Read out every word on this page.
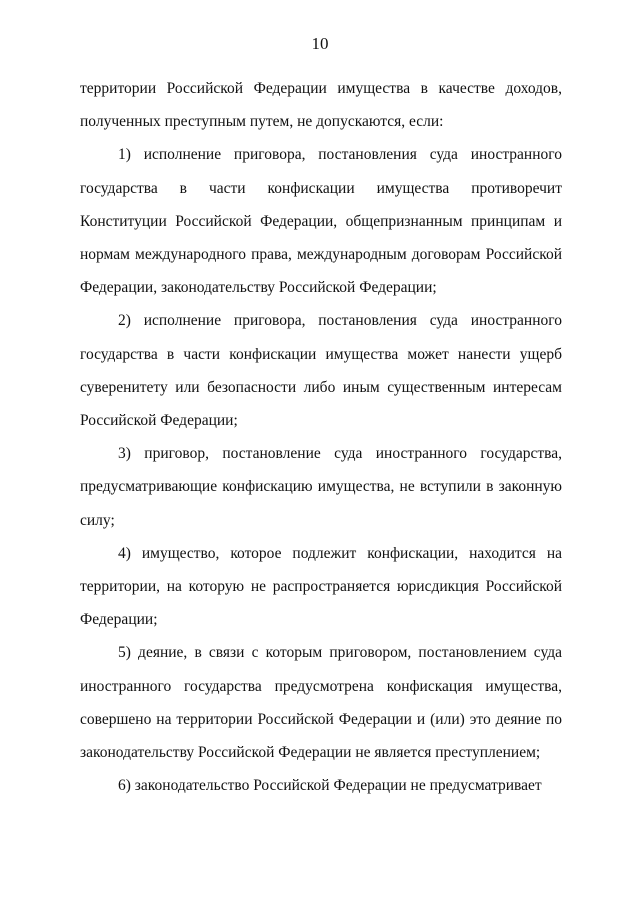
10

территории Российской Федерации имущества в качестве доходов, полученных преступным путем, не допускаются, если:

1) исполнение приговора, постановления суда иностранного государства в части конфискации имущества противоречит Конституции Российской Федерации, общепризнанным принципам и нормам международного права, международным договорам Российской Федерации, законодательству Российской Федерации;

2) исполнение приговора, постановления суда иностранного государства в части конфискации имущества может нанести ущерб суверенитету или безопасности либо иным существенным интересам Российской Федерации;

3) приговор, постановление суда иностранного государства, предусматривающие конфискацию имущества, не вступили в законную силу;

4) имущество, которое подлежит конфискации, находится на территории, на которую не распространяется юрисдикция Российской Федерации;

5) деяние, в связи с которым приговором, постановлением суда иностранного государства предусмотрена конфискация имущества, совершено на территории Российской Федерации и (или) это деяние по законодательству Российской Федерации не является преступлением;

6) законодательство Российской Федерации не предусматривает
